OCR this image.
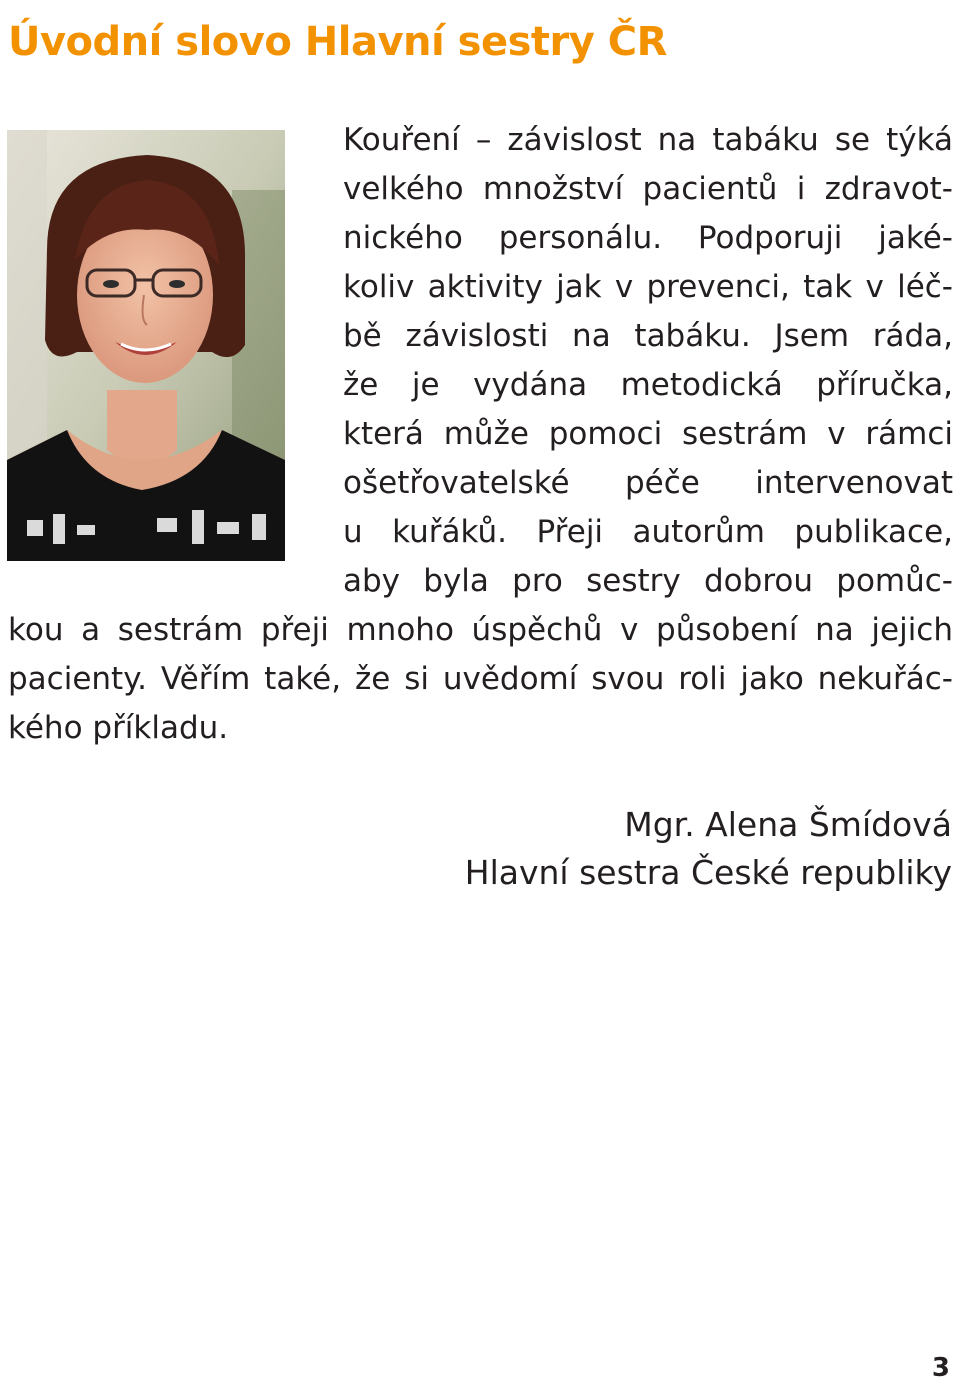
Úvodní slovo Hlavní sestry ČR

Kouření – závislost na tabáku se týká

velkého množství pacientů i zdravot-

nického personálu. Podporuji jaké-

koliv aktivity jak v prevenci, tak v léč-

bě závislosti na tabáku. Jsem ráda,

že je vydána metodická příručka,

která může pomoci sestrám v rámci

ošetřovatelské péče intervenovat

u kuřáků. Přeji autorům publikace,

aby byla pro sestry dobrou pomůc-

kou a sestrám přeji mnoho úspěchů v působení na jejich

pacienty. Věřím také, že si uvědomí svou roli jako nekuřác-

kého příkladu.

Mgr. Alena Šmídová

Hlavní sestra České republiky

3
